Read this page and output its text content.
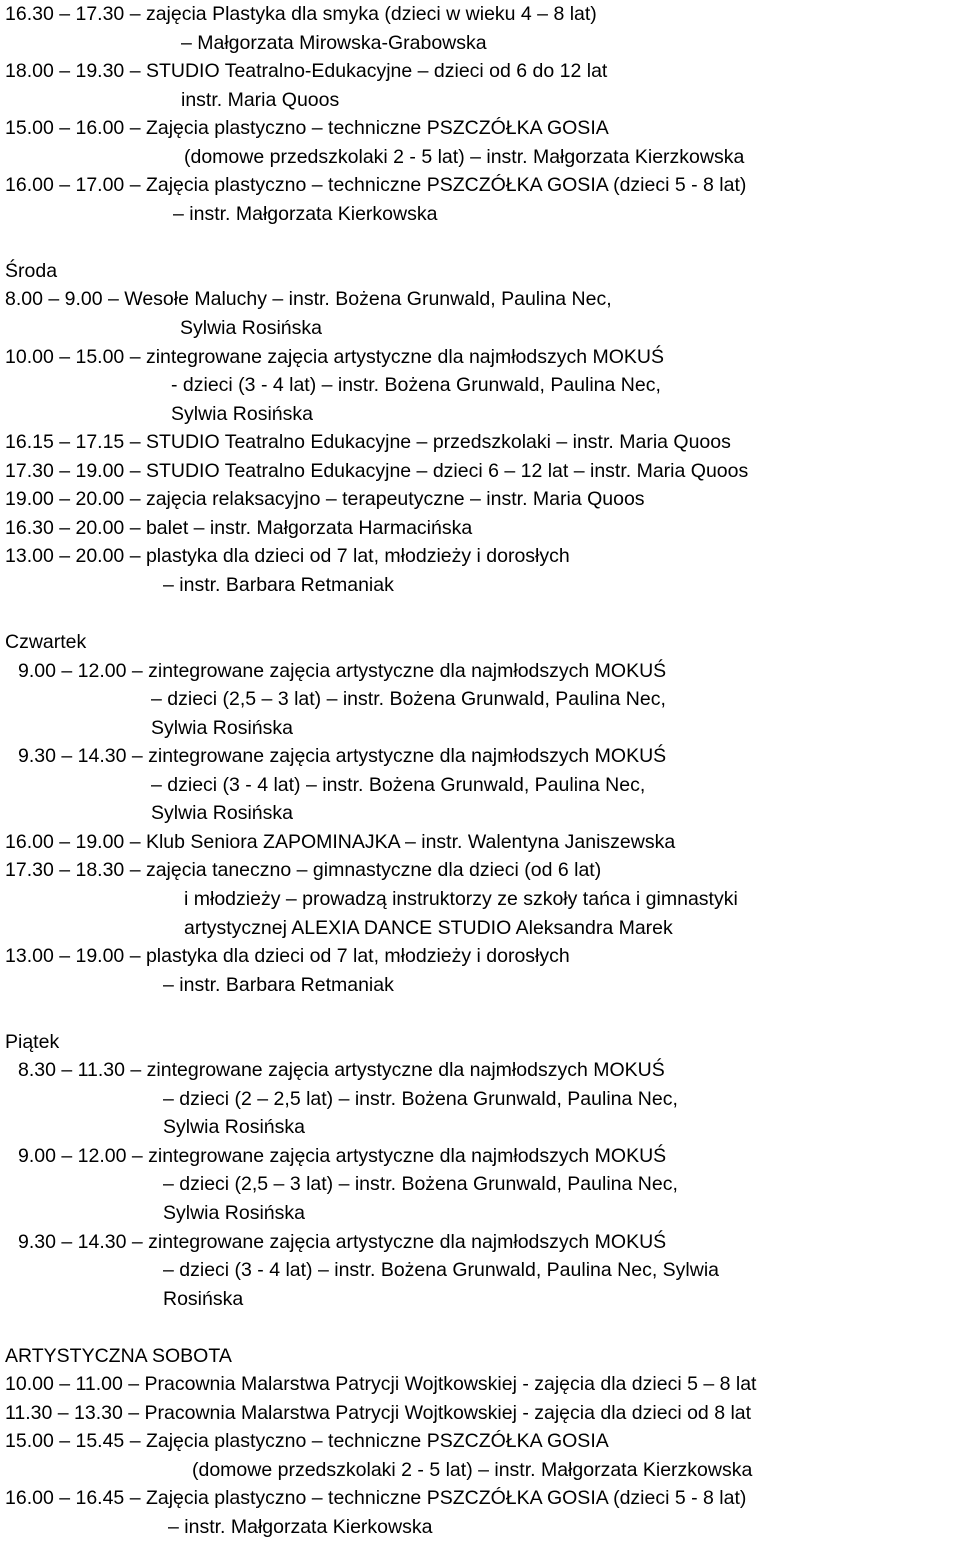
16.30 – 17.30 – zajęcia Plastyka dla smyka (dzieci w wieku 4 – 8 lat)
– Małgorzata Mirowska-Grabowska
18.00 – 19.30 – STUDIO Teatralno-Edukacyjne – dzieci od 6 do 12 lat
instr. Maria Quoos
15.00 – 16.00 – Zajęcia plastyczno – techniczne PSZCZÓŁKA GOSIA
(domowe przedszkolaki 2 - 5 lat) – instr. Małgorzata Kierzkowska
16.00 – 17.00 – Zajęcia plastyczno – techniczne PSZCZÓŁKA GOSIA (dzieci 5 - 8 lat)
– instr. Małgorzata Kierkowska
Środa
8.00 – 9.00 – Wesołe Maluchy – instr. Bożena Grunwald, Paulina Nec,
Sylwia Rosińska
10.00 – 15.00 – zintegrowane zajęcia artystyczne dla najmłodszych MOKUŚ
- dzieci (3 - 4 lat) – instr. Bożena Grunwald, Paulina Nec,
Sylwia Rosińska
16.15 – 17.15 – STUDIO Teatralno Edukacyjne – przedszkolaki – instr. Maria Quoos
17.30 – 19.00 – STUDIO Teatralno Edukacyjne – dzieci 6 – 12 lat – instr. Maria Quoos
19.00 – 20.00 – zajęcia relaksacyjno – terapeutyczne – instr. Maria Quoos
16.30 – 20.00 – balet – instr. Małgorzata Harmacińska
13.00 – 20.00 – plastyka dla dzieci od 7 lat, młodzieży i dorosłych
– instr. Barbara Retmaniak
Czwartek
9.00 – 12.00 – zintegrowane zajęcia artystyczne dla najmłodszych MOKUŚ
– dzieci (2,5 – 3 lat) – instr. Bożena Grunwald, Paulina Nec,
Sylwia Rosińska
9.30 – 14.30 – zintegrowane zajęcia artystyczne dla najmłodszych MOKUŚ
– dzieci (3 - 4 lat) – instr. Bożena Grunwald, Paulina Nec,
Sylwia Rosińska
16.00 – 19.00 – Klub Seniora ZAPOMINAJKA – instr. Walentyna Janiszewska
17.30 – 18.30 – zajęcia taneczno – gimnastyczne dla dzieci (od 6 lat)
i młodzieży – prowadzą instruktorzy ze szkoły tańca i gimnastyki
artystycznej ALEXIA DANCE STUDIO Aleksandra Marek
13.00 – 19.00 – plastyka dla dzieci od 7 lat, młodzieży i dorosłych
– instr. Barbara Retmaniak
Piątek
8.30 – 11.30 – zintegrowane zajęcia artystyczne dla najmłodszych MOKUŚ
– dzieci (2 – 2,5 lat) – instr. Bożena Grunwald, Paulina Nec,
Sylwia Rosińska
9.00 – 12.00 – zintegrowane zajęcia artystyczne dla najmłodszych MOKUŚ
– dzieci (2,5 – 3 lat) – instr. Bożena Grunwald, Paulina Nec,
Sylwia Rosińska
9.30 – 14.30 – zintegrowane zajęcia artystyczne dla najmłodszych MOKUŚ
– dzieci (3 - 4 lat) – instr. Bożena Grunwald, Paulina Nec, Sylwia
Rosińska
ARTYSTYCZNA SOBOTA
10.00 – 11.00 – Pracownia Malarstwa Patrycji Wojtkowskiej - zajęcia dla dzieci 5 – 8 lat
11.30 – 13.30 – Pracownia Malarstwa Patrycji Wojtkowskiej - zajęcia dla dzieci od 8 lat
15.00 – 15.45 – Zajęcia plastyczno – techniczne PSZCZÓŁKA GOSIA
(domowe przedszkolaki 2 - 5 lat) – instr. Małgorzata Kierzkowska
16.00 – 16.45 – Zajęcia plastyczno – techniczne PSZCZÓŁKA GOSIA (dzieci 5 - 8 lat)
– instr. Małgorzata Kierkowska
